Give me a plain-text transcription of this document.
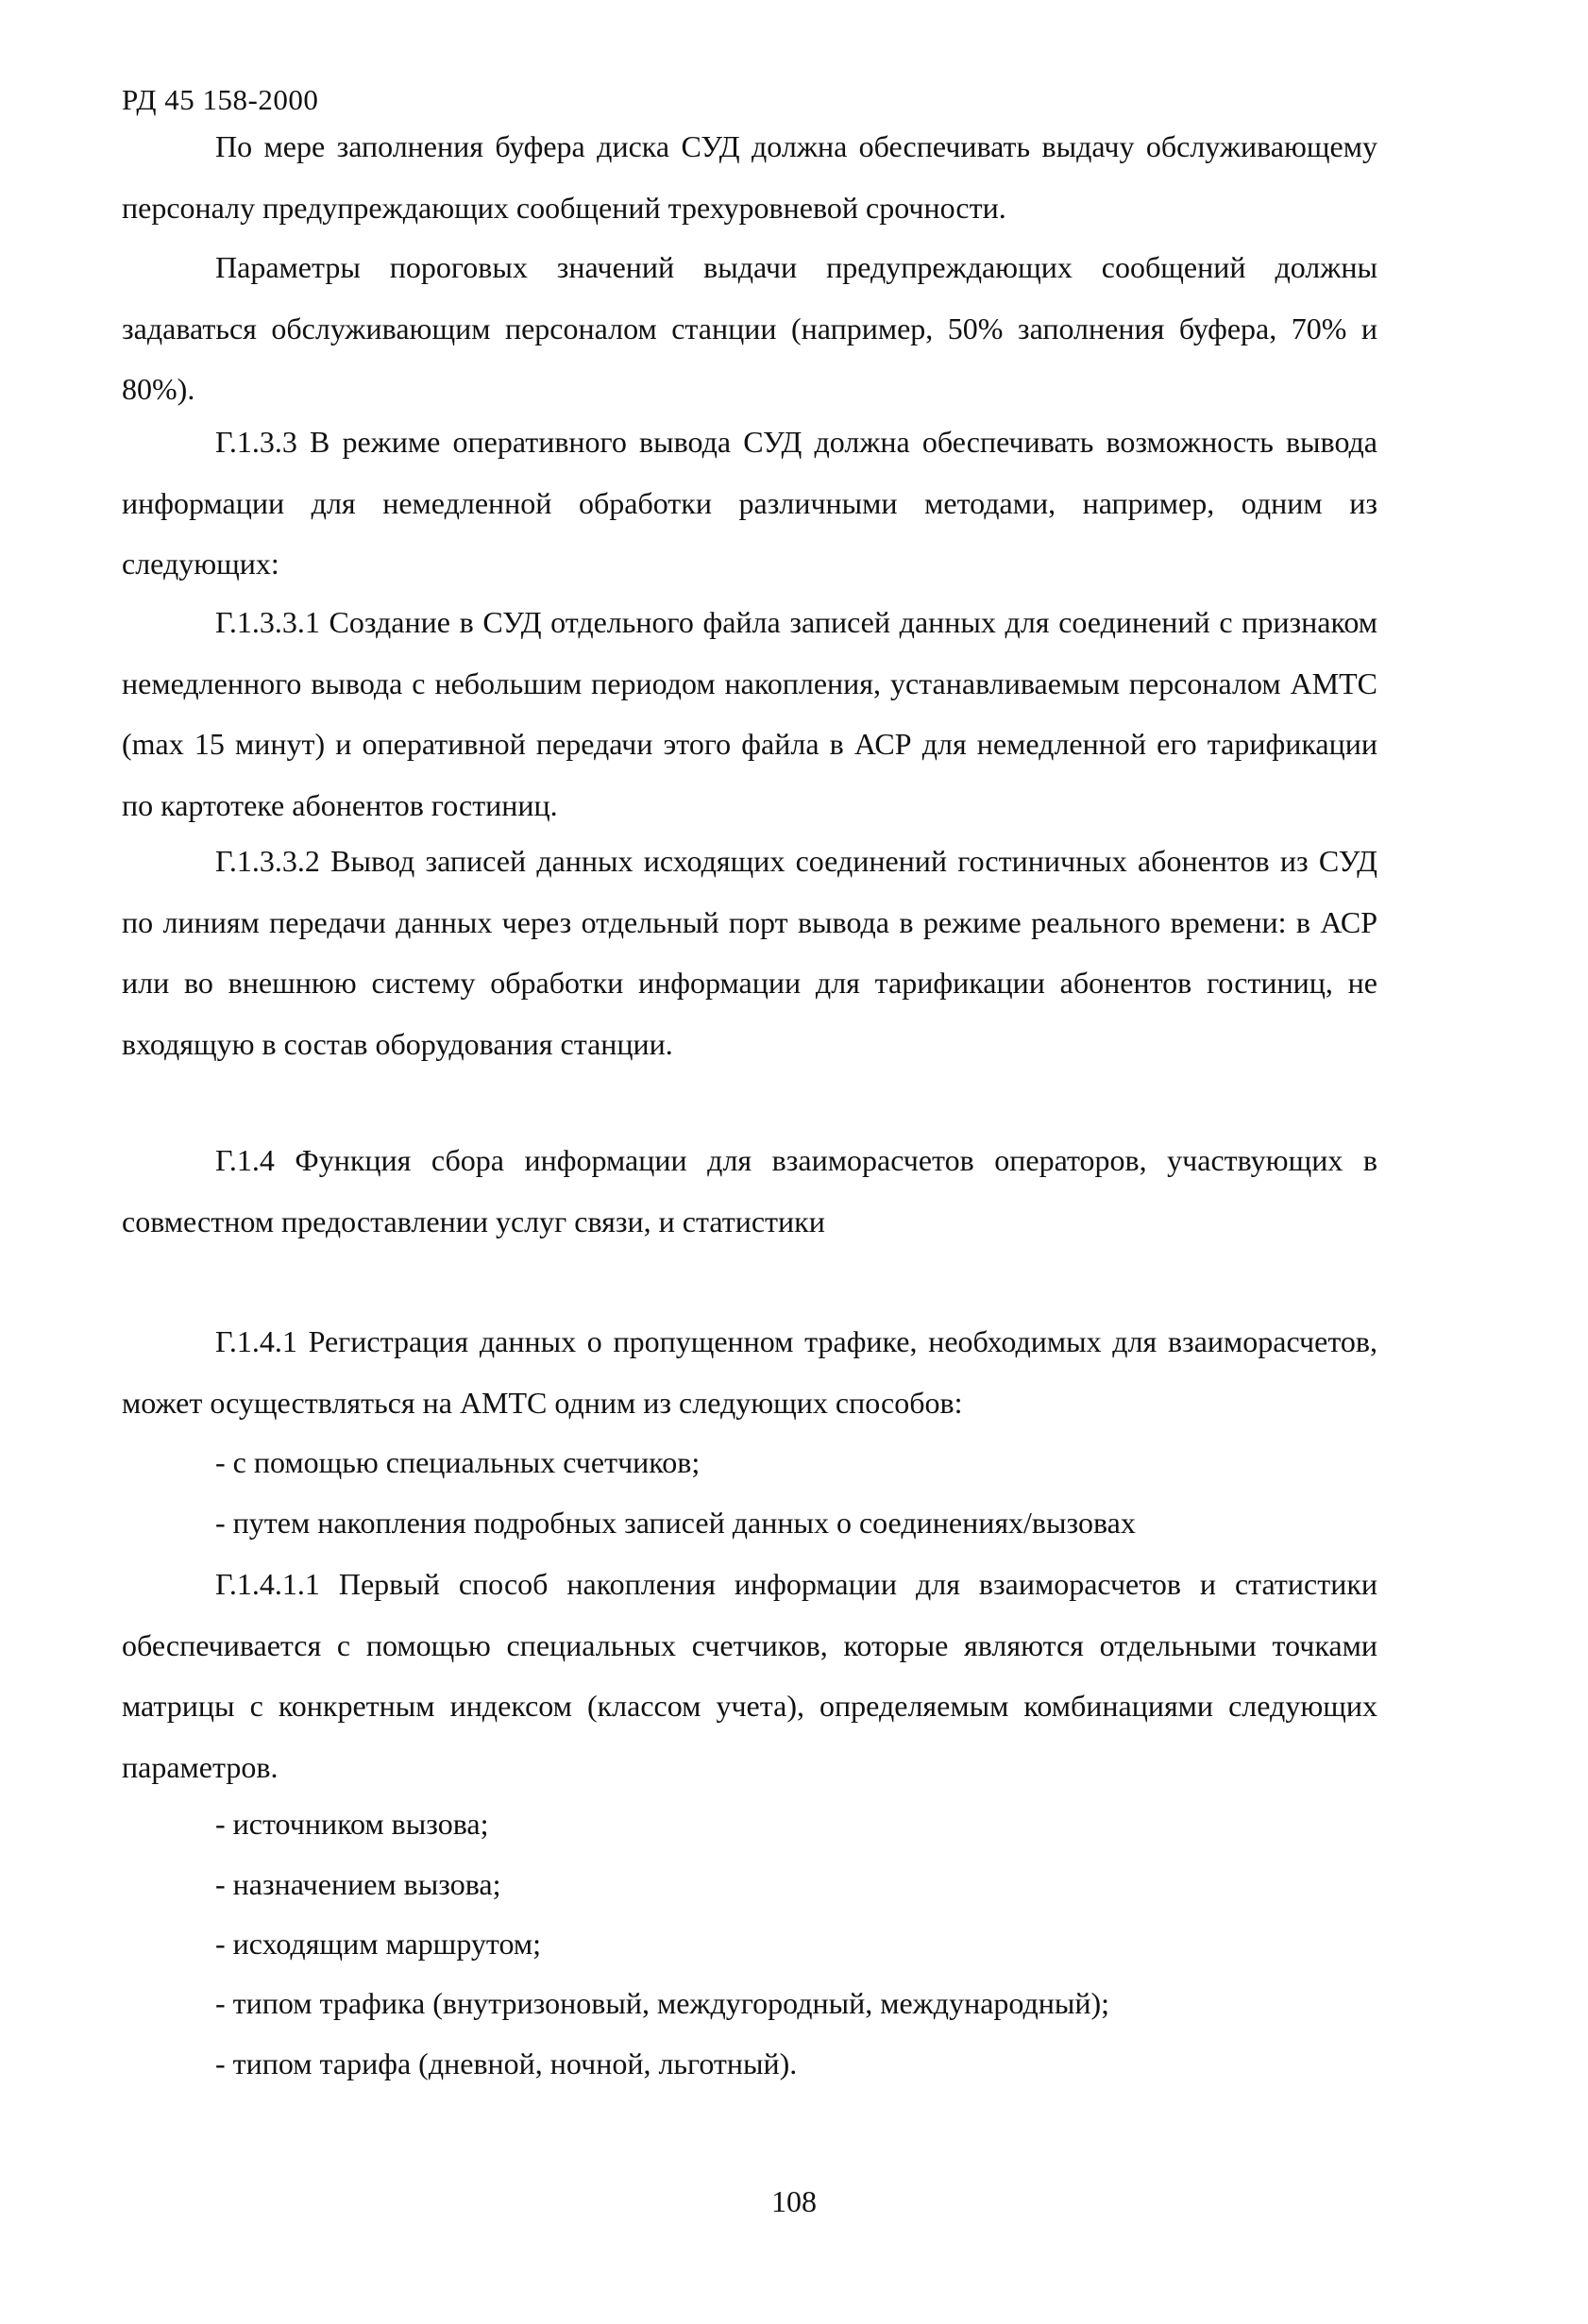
РД 45 158-2000

По мере заполнения буфера диска СУД должна обеспечивать выдачу обслуживающему персоналу предупреждающих сообщений трехуровневой срочности.

Параметры пороговых значений выдачи предупреждающих сообщений должны задаваться обслуживающим персоналом станции (например, 50% заполнения буфера, 70% и 80%).

Г.1.3.3 В режиме оперативного вывода СУД должна обеспечивать возможность вывода информации для немедленной обработки различными методами, например, одним из следующих:

Г.1.3.3.1 Создание в СУД отдельного файла записей данных для соединений с признаком немедленного вывода с небольшим периодом накопления, устанавливаемым персоналом АМТС (max 15 минут) и оперативной передачи этого файла в АСР для немедленной его тарификации по картотеке абонентов гостиниц.

Г.1.3.3.2 Вывод записей данных исходящих соединений гостиничных абонентов из СУД по линиям передачи данных через отдельный порт вывода в режиме реального времени: в АСР или во внешнюю систему обработки информации для тарификации абонентов гостиниц, не входящую в состав оборудования станции.

Г.1.4 Функция сбора информации для взаиморасчетов операторов, участвующих в совместном предоставлении услуг связи, и статистики

Г.1.4.1 Регистрация данных о пропущенном трафике, необходимых для взаиморасчетов, может осуществляться на АМТС одним из следующих способов:

- с помощью специальных счетчиков;

- путем накопления подробных записей данных о соединениях/вызовах

Г.1.4.1.1 Первый способ накопления информации для взаиморасчетов и статистики обеспечивается с помощью специальных счетчиков, которые являются отдельными точками матрицы с конкретным индексом (классом учета), определяемым комбинациями следующих параметров.

- источником вызова;

- назначением вызова;

- исходящим маршрутом;

- типом трафика (внутризоновый, междугородный, международный);

- типом тарифа (дневной, ночной, льготный).

108
